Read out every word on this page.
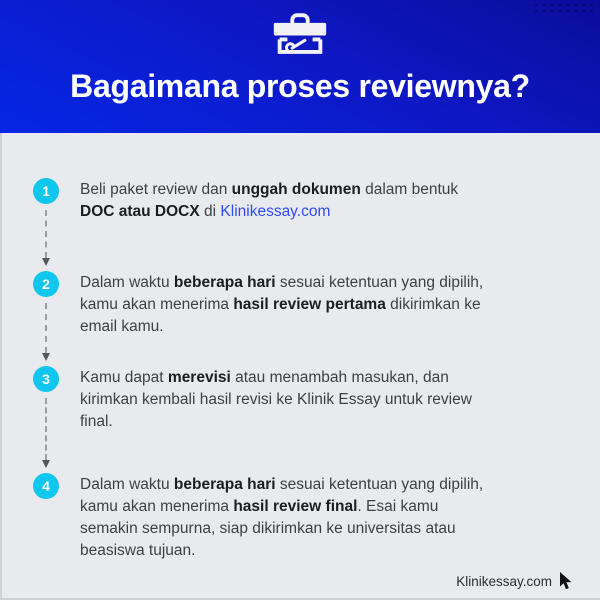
Bagaimana proses reviewnya?
1 Beli paket review dan unggah dokumen dalam bentuk
DOC atau DOCX di Klinikessay.com

2 Dalam waktu beberapa hari sesuai ketentuan yang dipilih,
kamu akan menerima hasil review pertama dikirimkan ke
email kamu.

3 Kamu dapat merevisi atau menambah masukan, dan
kirimkan kembali hasil revisi ke Klinik Essay untuk review
final.

4 Dalam waktu beberapa hari sesuai ketentuan yang dipilih,
kamu akan menerima hasil review final. Esai kamu
semakin sempurna, siap dikirimkan ke universitas atau
beasiswa tujuan.

Klinikessay.com
